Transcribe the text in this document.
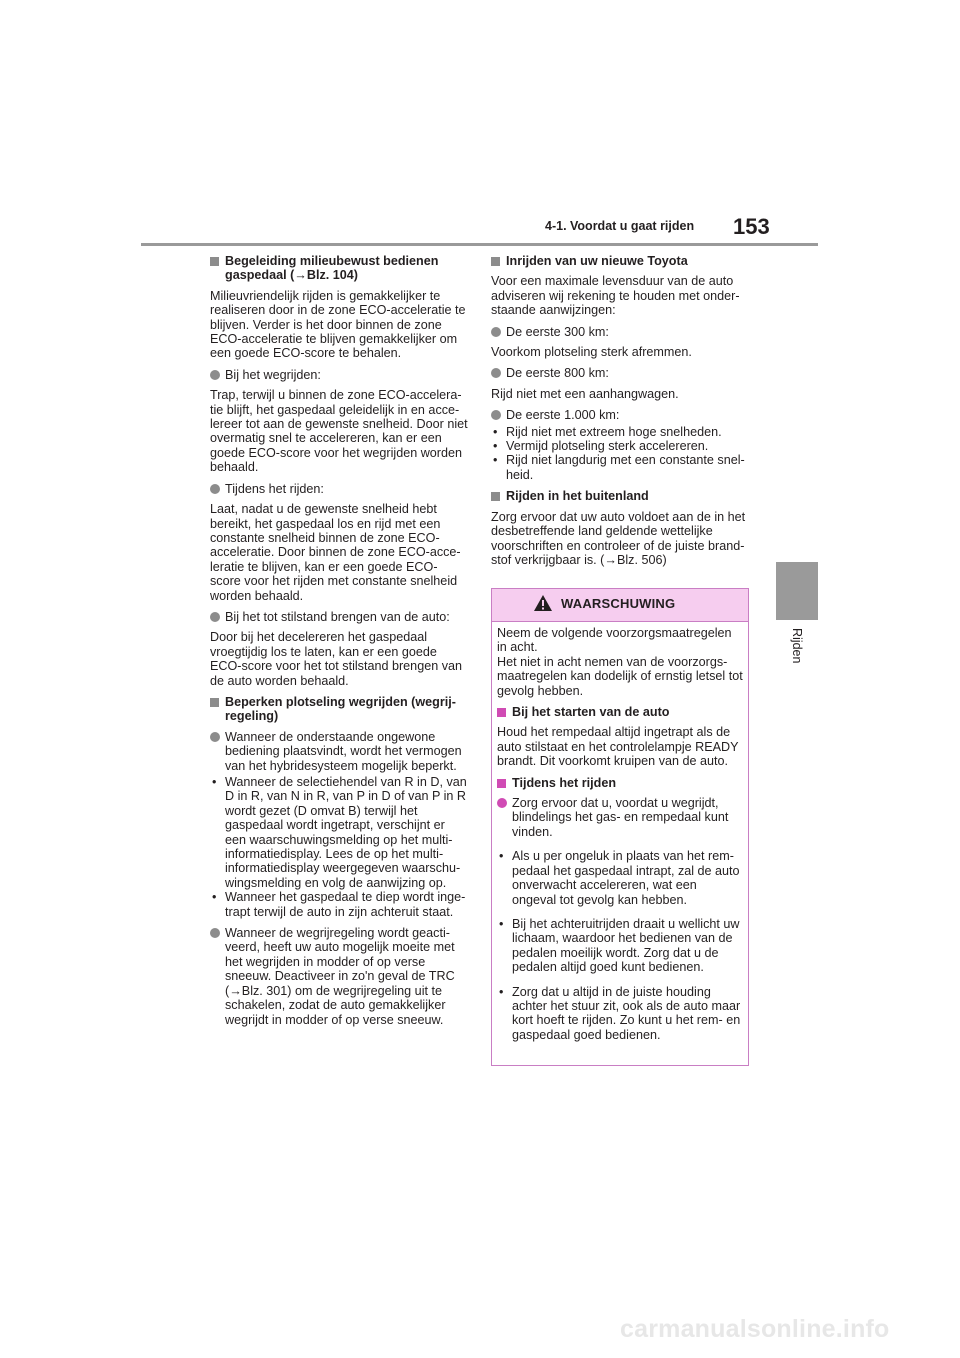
4-1. Voordat u gaat rijden 153
4
Rijden
Begeleiding milieubewust bedienen gaspedaal (→Blz. 104)

Milieuvriendelijk rijden is gemakkelijker te realiseren door in de zone ECO-acceleratie te blijven. Verder is het door binnen de zone ECO-acceleratie te blijven gemakkelijker om een goede ECO-score te behalen.

Bij het wegrijden:

Trap, terwijl u binnen de zone ECO-accelera-tie blijft, het gaspedaal geleidelijk in en acce-lereer tot aan de gewenste snelheid. Door niet overmatig snel te accelereren, kan er een goede ECO-score voor het wegrijden worden behaald.

Tijdens het rijden:

Laat, nadat u de gewenste snelheid hebt bereikt, het gaspedaal los en rijd met een constante snelheid binnen de zone ECO-acceleratie. Door binnen de zone ECO-acce-leratie te blijven, kan er een goede ECO-score voor het rijden met constante snelheid worden behaald.

Bij het tot stilstand brengen van de auto:

Door bij het decelereren het gaspedaal vroegtijdig los te laten, kan er een goede ECO-score voor het tot stilstand brengen van de auto worden behaald.

Beperken plotseling wegrijden (wegrij-regeling)
Wanneer de onderstaande ongewone bediening plaatsvindt, wordt het vermogen van het hybridesysteem mogelijk beperkt.
• Wanneer de selectiehendel van R in D, van D in R, van N in R, van P in D of van P in R wordt gezet (D omvat B) terwijl het gaspedaal wordt ingetrapt, verschijnt er een waarschuwingsmelding op het multi-informatiedisplay. Lees de op het multi-informatiedisplay weergegeven waarschu-wingsmelding en volg de aanwijzing op.
• Wanneer het gaspedaal te diep wordt inge-trapt terwijl de auto in zijn achteruit staat.
Wanneer de wegrijregeling wordt geacti-veerd, heeft uw auto mogelijk moeite met het wegrijden in modder of op verse sneeuw. Deactiveer in zo'n geval de TRC (→Blz. 301) om de wegrijregeling uit te schakelen, zodat de auto gemakkelijker wegrijdt in modder of op verse sneeuw.
Inrijden van uw nieuwe Toyota

Voor een maximale levensduur van de auto adviseren wij rekening te houden met onder-staande aanwijzingen:

De eerste 300 km:

Voorkom plotseling sterk afremmen.

De eerste 800 km:

Rijd niet met een aanhangwagen.

De eerste 1.000 km:
• Rijd niet met extreem hoge snelheden.
• Vermijd plotseling sterk accelereren.
• Rijd niet langdurig met een constante snel-heid.
Rijden in het buitenland

Zorg ervoor dat uw auto voldoet aan de in het desbetreffende land geldende wettelijke voorschriften en controleer of de juiste brand-stof verkrijgbaar is. (→Blz. 506)

WAARSCHUWING
Neem de volgende voorzorgsmaatregelen in acht.

Het niet in acht nemen van de voorzorgs-maatregelen kan dodelijk of ernstig letsel tot gevolg hebben.

Bij het starten van de auto

Houd het rempedaal altijd ingetrapt als de auto stilstaat en het controlelampje READY brandt. Dit voorkomt kruipen van de auto.

Tijdens het rijden
Zorg ervoor dat u, voordat u wegrijdt, blindelings het gas- en rempedaal kunt vinden.
• Als u per ongeluk in plaats van het rem-pedaal het gaspedaal intrapt, zal de auto onverwacht accelereren, wat een ongeval tot gevolg kan hebben.
• Bij het achteruitrijden draait u wellicht uw lichaam, waardoor het bedienen van de pedalen moeilijk wordt. Zorg dat u de pedalen altijd goed kunt bedienen.
• Zorg dat u altijd in de juiste houding achter het stuur zit, ook als de auto maar kort hoeft te rijden. Zo kunt u het rem- en gaspedaal goed bedienen.
carmanualsonline.info
